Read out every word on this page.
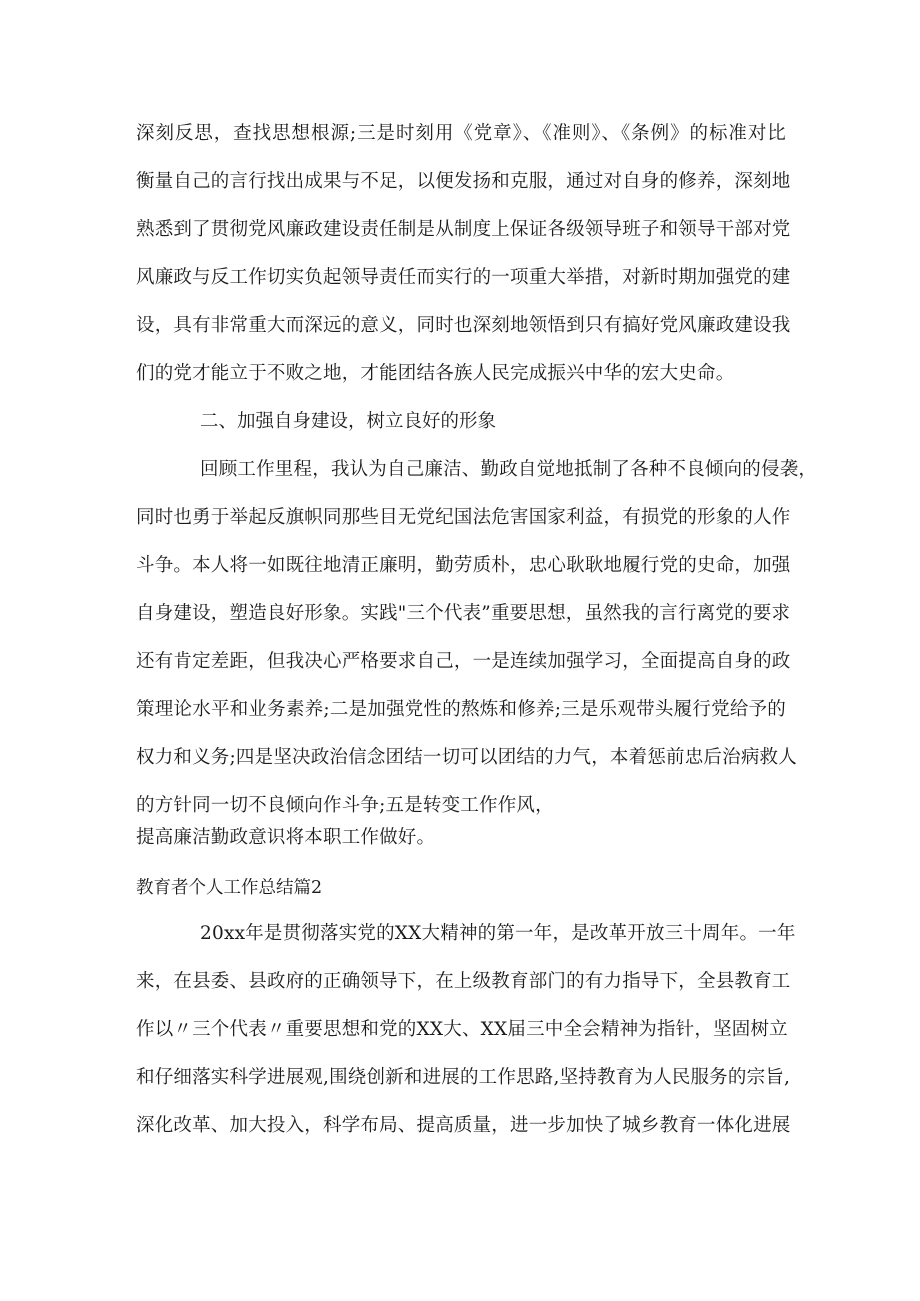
深刻反思，查找思想根源;三是时刻用《党章》、《准则》、《条例》的标准对比
衡量自己的言行找出成果与不足，以便发扬和克服，通过对自身的修养，深刻地
熟悉到了贯彻党风廉政建设责任制是从制度上保证各级领导班子和领导干部对党
风廉政与反工作切实负起领导责任而实行的一项重大举措，对新时期加强党的建
设，具有非常重大而深远的意义，同时也深刻地领悟到只有搞好党风廉政建设我
们的党才能立于不败之地，才能团结各族人民完成振兴中华的宏大史命。
二、加强自身建设，树立良好的形象
回顾工作里程，我认为自己廉洁、勤政自觉地抵制了各种不良倾向的侵袭，
同时也勇于举起反旗帜同那些目无党纪国法危害国家利益，有损党的形象的人作
斗争。本人将一如既往地清正廉明，勤劳质朴，忠心耿耿地履行党的史命，加强
自身建设，塑造良好形象。实践"三个代表”重要思想，虽然我的言行离党的要求
还有肯定差距，但我决心严格要求自己，一是连续加强学习，全面提高自身的政
策理论水平和业务素养;二是加强党性的熬炼和修养;三是乐观带头履行党给予的
权力和义务;四是坚决政治信念团结一切可以团结的力气，本着惩前忠后治病救人
的方针同一切不良倾向作斗争;五是转变工作作风，
提高廉洁勤政意识将本职工作做好。
教育者个人工作总结篇2
20xx年是贯彻落实党的XX大精神的第一年，是改革开放三十周年。一年
来，在县委、县政府的正确领导下，在上级教育部门的有力指导下，全县教育工
作以〃三个代表〃重要思想和党的XX大、XX届三中全会精神为指针，坚固树立
和仔细落实科学进展观,围绕创新和进展的工作思路,坚持教育为人民服务的宗旨,
深化改革、加大投入，科学布局、提高质量，进一步加快了城乡教育一体化进展
